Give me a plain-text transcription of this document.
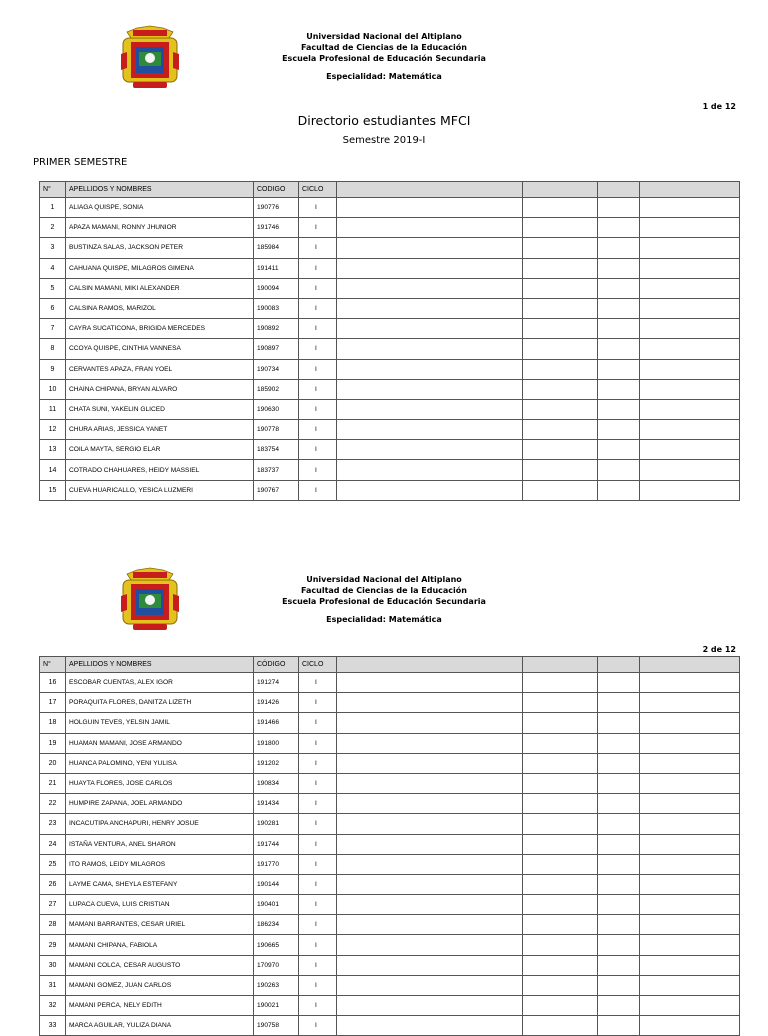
Universidad Nacional del Altiplano
Facultad de Ciencias de la Educación
Escuela Profesional de Educación Secundaria
Especialidad: Matemática
1 de 12
Directorio estudiantes MFCI
Semestre 2019-I
PRIMER SEMESTRE
N°	APELLIDOS Y NOMBRES	CODIGO	CICLO				
1	ALIAGA QUISPE, SONIA	190776	I				
2	APAZA MAMANI, RONNY JHUNIOR	191746	I				
3	BUSTINZA SALAS, JACKSON PETER	185984	I				
4	CAHUANA QUISPE, MILAGROS GIMENA	191411	I				
5	CALSIN MAMANI, MIKI ALEXANDER	190094	I				
6	CALSINA RAMOS, MARIZOL	190083	I				
7	CAYRA SUCATICONA, BRIGIDA MERCEDES	190892	I				
8	CCOYA QUISPE, CINTHIA VANNESA	190897	I				
9	CERVANTES APAZA, FRAN YOEL	190734	I				
10	CHAINA CHIPANA, BRYAN ALVARO	185902	I				
11	CHATA SUNI, YAKELIN GLICED	190630	I				
12	CHURA ARIAS, JESSICA YANET	190778	I				
13	COILA MAYTA, SERGIO ELAR	183754	I				
14	COTRADO CHAHUARES, HEIDY MASSIEL	183737	I				
15	CUEVA HUARICALLO, YESICA LUZMERI	190767	I				
Universidad Nacional del Altiplano
Facultad de Ciencias de la Educación
Escuela Profesional de Educación Secundaria
Especialidad: Matemática
2 de 12
N°	APELLIDOS Y NOMBRES	CÓDIGO	CICLO				
16	ESCOBAR CUENTAS, ALEX IGOR	191274	I				
17	PORAQUITA FLORES, DANITZA LIZETH	191426	I				
18	HOLGUIN TEVES, YELSIN JAMIL	191466	I				
19	HUAMAN MAMANI, JOSE ARMANDO	191800	I				
20	HUANCA PALOMINO, YENI YULISA	191202	I				
21	HUAYTA FLORES, JOSE CARLOS	190834	I				
22	HUMPIRE ZAPANA, JOEL ARMANDO	191434	I				
23	INCACUTIPA ANCHAPURI, HENRY JOSUE	190281	I				
24	ISTAÑA VENTURA, ANEL SHARON	191744	I				
25	ITO RAMOS, LEIDY MILAGROS	191770	I				
26	LAYME CAMA, SHEYLA ESTEFANY	190144	I				
27	LUPACA CUEVA, LUIS CRISTIAN	190401	I				
28	MAMANI BARRANTES, CESAR URIEL	186234	I				
29	MAMANI CHIPANA, FABIOLA	190665	I				
30	MAMANI COLCA, CESAR AUGUSTO	170970	I				
31	MAMANI GOMEZ, JUAN CARLOS	190263	I				
32	MAMANI PERCA, NELY EDITH	190021	I				
33	MARCA AGUILAR, YULIZA DIANA	190758	I				
